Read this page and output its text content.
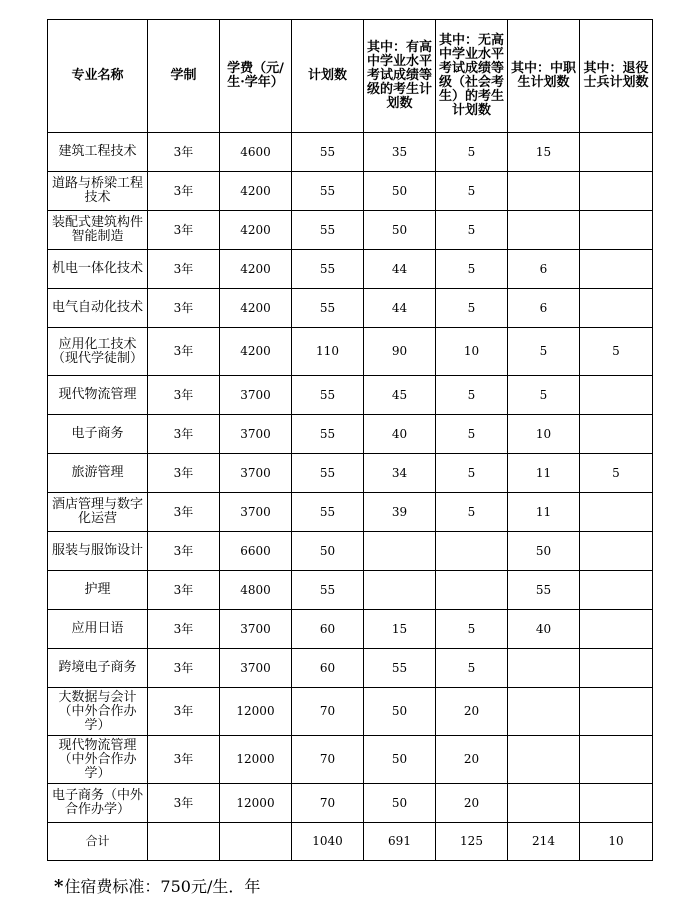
专业名称	学制	学费（元/生·学年）	计划数	其中：有高中学业水平考试成绩等级的考生计划数	其中：无高中学业水平考试成绩等级（社会考生）的考生计划数	其中：中职生计划数	其中：退役士兵计划数
建筑工程技术	3年	4600	55	35	5	15	
道路与桥梁工程技术	3年	4200	55	50	5		
装配式建筑构件智能制造	3年	4200	55	50	5		
机电一体化技术	3年	4200	55	44	5	6	
电气自动化技术	3年	4200	55	44	5	6	
应用化工技术（现代学徒制）	3年	4200	110	90	10	5	5
现代物流管理	3年	3700	55	45	5	5	
电子商务	3年	3700	55	40	5	10	
旅游管理	3年	3700	55	34	5	11	5
酒店管理与数字化运营	3年	3700	55	39	5	11	
服装与服饰设计	3年	6600	50			50	
护理	3年	4800	55			55	
应用日语	3年	3700	60	15	5	40	
跨境电子商务	3年	3700	60	55	5		
大数据与会计（中外合作办学）	3年	12000	70	50	20		
现代物流管理（中外合作办学）	3年	12000	70	50	20		
电子商务（中外合作办学）	3年	12000	70	50	20		
合计			1040	691	125	214	10
*住宿费标准：750元/生．年
